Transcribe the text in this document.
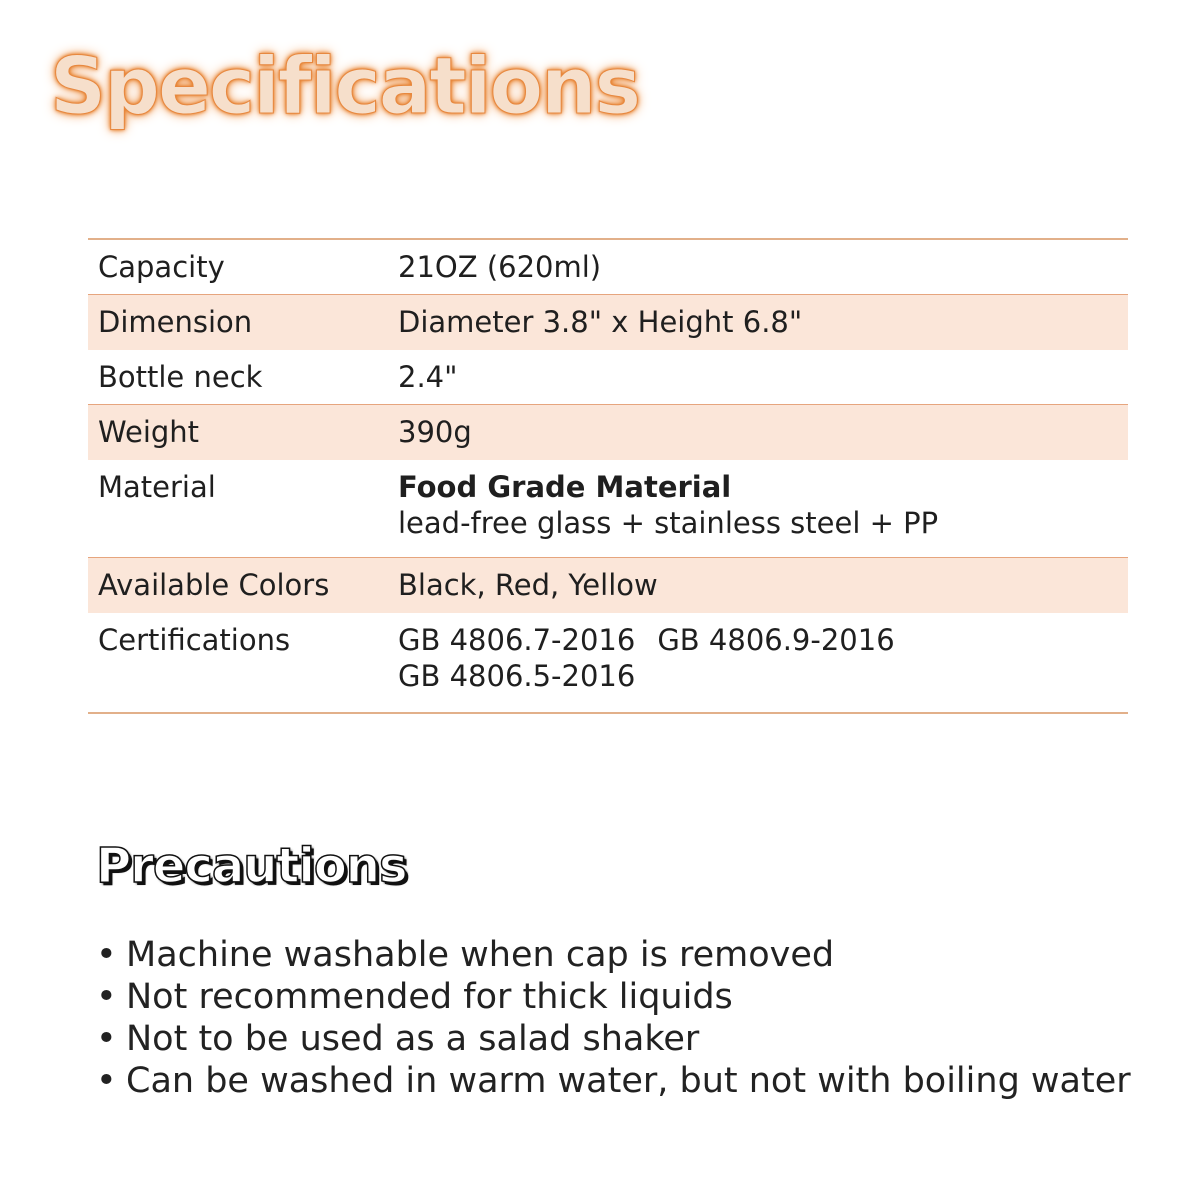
Specifications
Capacity	21OZ (620ml)
Dimension	Diameter 3.8" x Height 6.8"
Bottle neck	2.4"
Weight	390g
Material	Food Grade Material
lead-free glass + stainless steel + PP

Available Colors	Black, Red, Yellow
Certifications	GB 4806.7-2016 GB 4806.9-2016
GB 4806.5-2016
Precautions
• Machine washable when cap is removed
• Not recommended for thick liquids
• Not to be used as a salad shaker
• Can be washed in warm water, but not with boiling water
